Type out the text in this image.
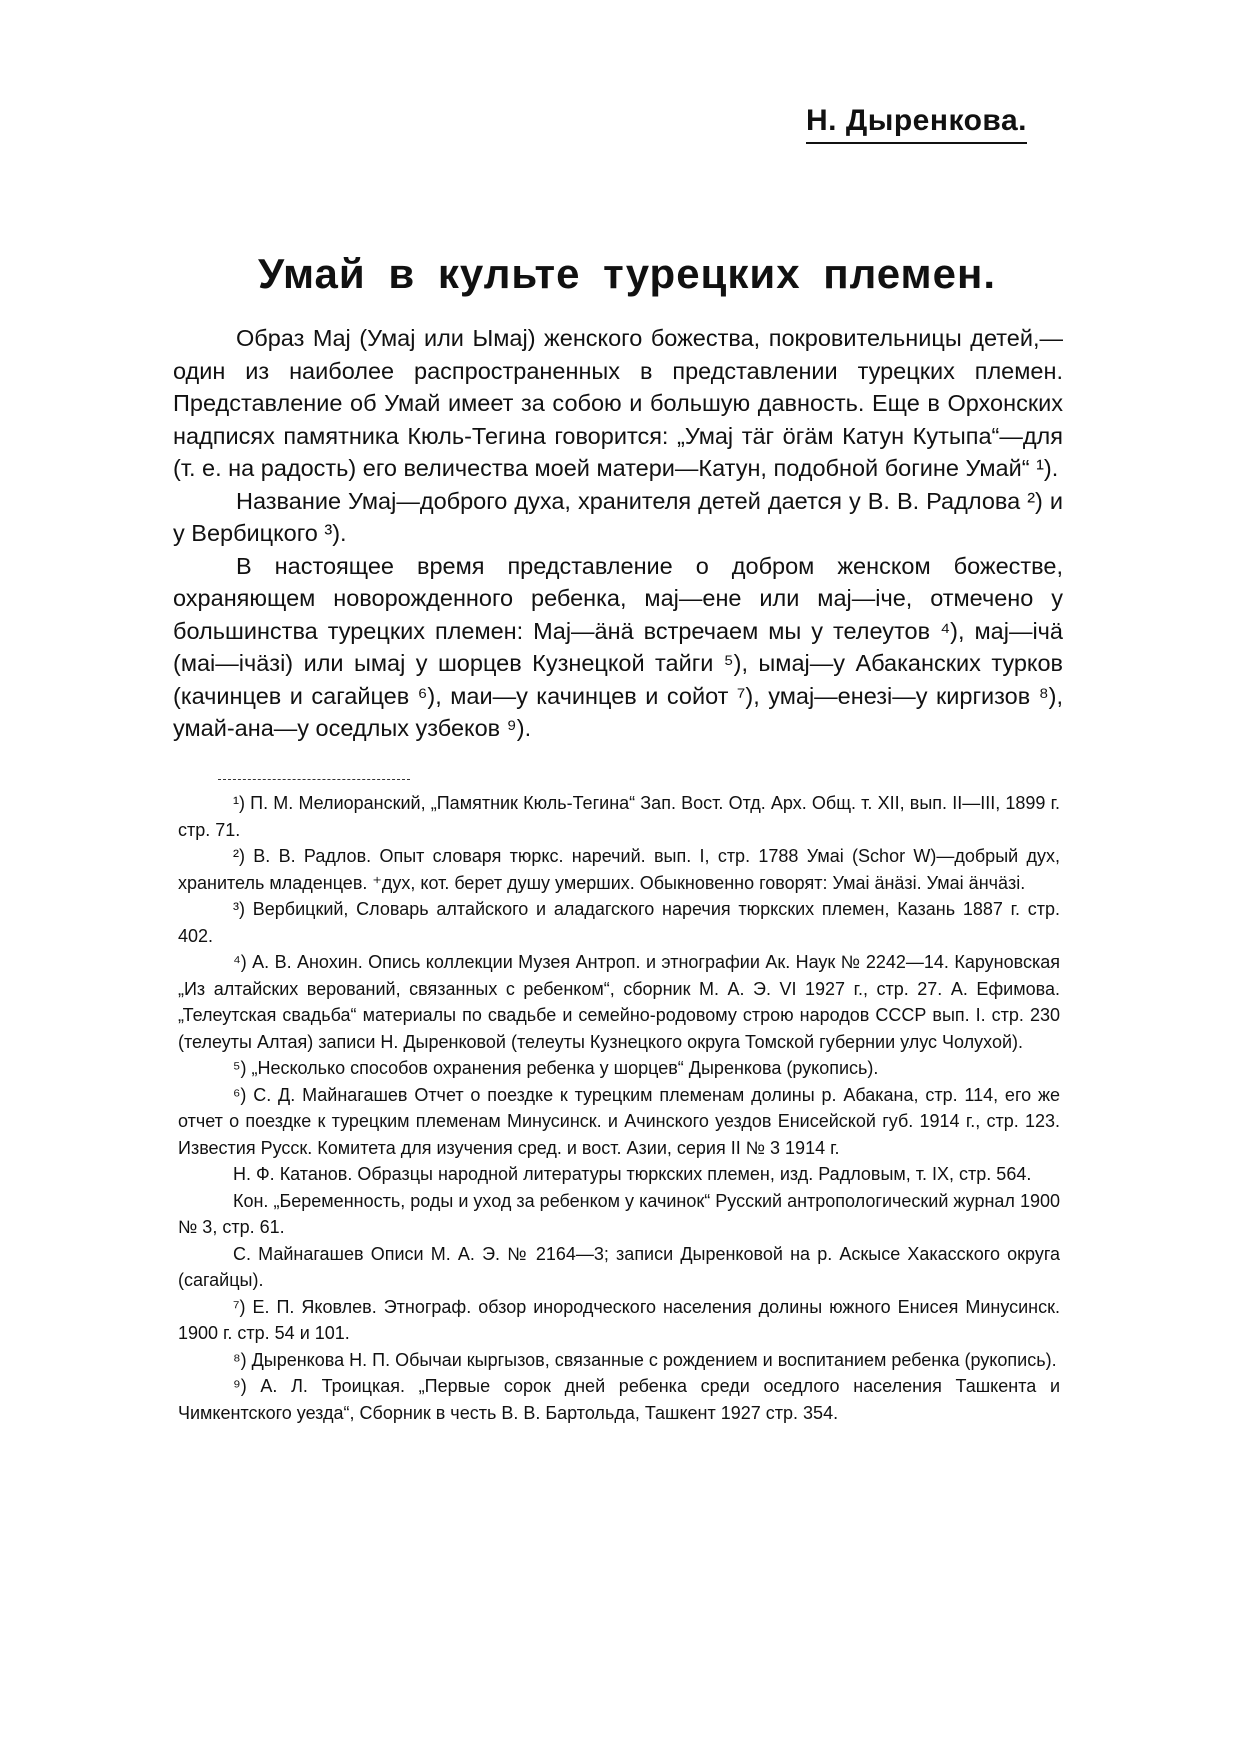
Н. Дыренкова.
Умай в культе турецких племен.

Образ Maj (Умаj или Ымаj) женского божества, покровительницы детей,—один из наиболее распространенных в представлении турецких племен. Представление об Умай имеет за собою и большую давность. Еще в Орхонских надписях памятника Кюль-Тегина говорится: „Умаj тäг öгäм Катун Кутыпа“—для (т. е. на радость) его величества моей матери—Катун, подобной богине Умай“ ¹).

Название Умаj—доброго духа, хранителя детей дается у В. В. Радлова ²) и у Вербицкого ³).

В настоящее время представление о добром женском божестве, охраняющем новорожденного ребенка, маj—ене или маj—iче, отмечено у большинства турецких племен: Maj—äнä встречаем мы у телеутов ⁴), маj—iчä (маi—iчäзi) или ымаj у шорцев Кузнецкой тайги ⁵), ымаj—у Абаканских турков (качинцев и сагайцев ⁶), маи—у качинцев и сойот ⁷), умаj—енезi—у киргизов ⁸), умай-ана—у оседлых узбеков ⁹).

¹) П. М. Мелиоранский, „Памятник Кюль-Тегина“ Зап. Вост. Отд. Арх. Общ. т. XII, вып. II—III, 1899 г. стр. 71.

²) В. В. Радлов. Опыт словаря тюркс. наречий. вып. I, стр. 1788 Умаi (Schor W)—добрый дух, хранитель младенцев. ⁺дух, кот. берет душу умерших. Обыкновенно говорят: Умаi äнäзi. Умаi äнчäзi.

³) Вербицкий, Словарь алтайского и аладагского наречия тюркских племен, Казань 1887 г. стр. 402.

⁴) А. В. Анохин. Опись коллекции Музея Антроп. и этнографии Ак. Наук № 2242—14. Каруновская „Из алтайских верований, связанных с ребенком“, сборник М. А. Э. VI 1927 г., стр. 27. А. Ефимова. „Телеутская свадьба“ материалы по свадьбе и семейно-родовому строю народов СССР вып. I. стр. 230 (телеуты Алтая) записи Н. Дыренковой (телеуты Кузнецкого округа Томской губернии улус Чолухой).

⁵) „Несколько способов охранения ребенка у шорцев“ Дыренкова (рукопись).

⁶) С. Д. Майнагашев Отчет о поездке к турецким племенам долины р. Абакана, стр. 114, его же отчет о поездке к турецким племенам Минусинск. и Ачинского уездов Енисейской губ. 1914 г., стр. 123. Известия Русск. Комитета для изучения сред. и вост. Азии, серия II № 3 1914 г.

Н. Ф. Катанов. Образцы народной литературы тюркских племен, изд. Радловым, т. IX, стр. 564.

Кон. „Беременность, роды и уход за ребенком у качинок“ Русский антропологический журнал 1900 № 3, стр. 61.

С. Майнагашев Описи М. А. Э. № 2164—3; записи Дыренковой на р. Аскысе Хакасского округа (сагайцы).

⁷) Е. П. Яковлев. Этнограф. обзор инородческого населения долины южного Енисея Минусинск. 1900 г. стр. 54 и 101.

⁸) Дыренкова Н. П. Обычаи кыргызов, связанные с рождением и воспитанием ребенка (рукопись).

⁹) А. Л. Троицкая. „Первые сорок дней ребенка среди оседлого населения Ташкента и Чимкентского уезда“, Сборник в честь В. В. Бартольда, Ташкент 1927 стр. 354.
